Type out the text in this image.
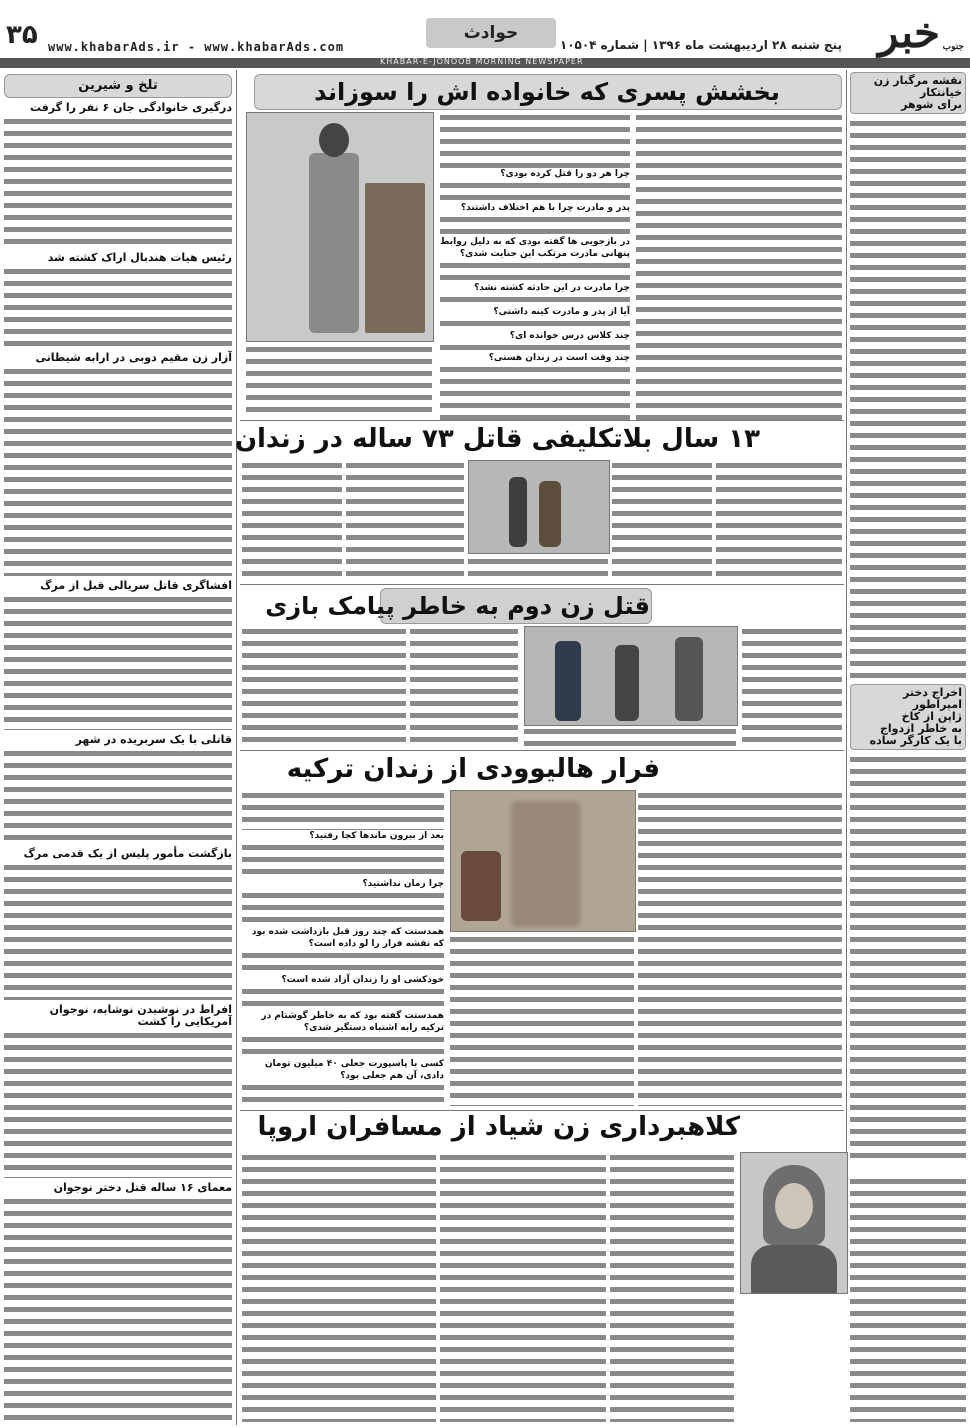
۳۵ www.khabarAds.ir - www.khabarAds.com
حوادث
پنج شنبه ۲۸ اردیبهشت ماه ۱۳۹۶ | شماره ۱۰۵۰۴ خبر جنوب
KHABAR-E-JONOOB MORNING NEWSPAPER
تلخ و شیرین
درگیری خانوادگی جان ۶ نفر را گرفت
رئیس هیات هندبال اراک کشته شد
آزار زن مقیم دوبی در ارابه شیطانی
افشاگری قاتل سریالی قبل از مرگ
قاتلی با یک سربریده در شهر
بازگشت مأمور پلیس از یک قدمی مرگ
افراط در نوشیدن نوشابه، نوجوان آمریکایی را کشت
معمای ۱۶ ساله قتل دختر نوجوان
نقشه مرگبار زن خیانتکار
برای شوهر
اخراج دختر امپراطور
ژاپن از کاخ
به خاطر ازدواج
با یک کارگر ساده
بخشش پسری که خانواده اش را سوزاند
چرا هر دو را قتل کرده بودی؟
پدر و مادرت چرا با هم اختلاف داشتند؟
در بازجویی ها گفته بودی که به دلیل روابط پنهانی مادرت مرتکب این جنایت شدی؟
چرا مادرت در این حادثه کشته نشد؟
آیا از پدر و مادرت کینه داشتی؟
چند کلاس درس خوانده ای؟
چند وقت است در زندان هستی؟
۱۳ سال بلاتکلیفی قاتل ۷۳ ساله در زندان
قتل زن دوم به خاطر پیامک بازی
فرار هالیوودی از زندان ترکیه
بعد از بیرون ماندها کجا رفتید؟
چرا زمان نداشتید؟
همدستت که چند روز قبل بازداشت شده بود که نقشه فرار را لو داده است؟
خودکشی او را زندان آزاد شده است؟
همدستت گفته بود که به خاطر گوشتام در ترکیه رابه اشتباه دستگیر شدی؟
کسی با پاسپورت جعلی ۴۰ میلیون تومان دادی، آن هم جعلی بود؟
کلاهبرداری زن شیاد از مسافران اروپا
